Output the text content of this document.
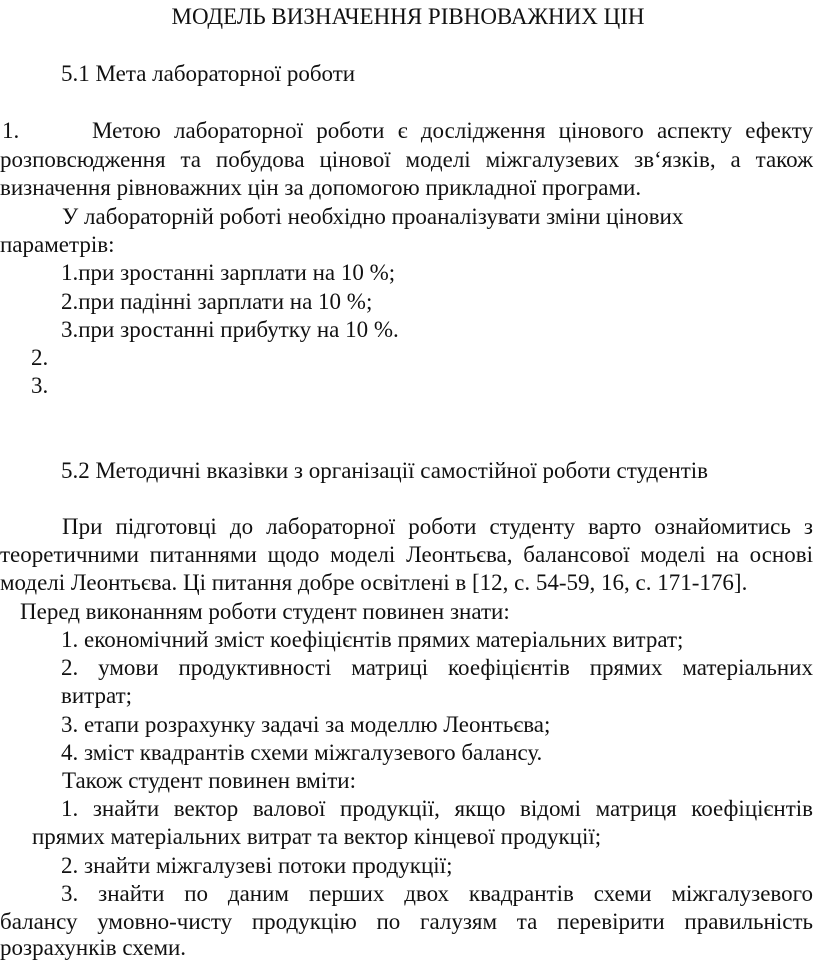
МОДЕЛЬ ВИЗНАЧЕННЯ РІВНОВАЖНИХ ЦІН
5.1 Мета лабораторної роботи
1.	Метою лабораторної роботи є дослідження цінового аспекту ефекту
розповсюдження та побудова цінової моделі міжгалузевих зв‘язків, а також
визначення рівноважних цін за допомогою прикладної програми.
У лабораторній роботі необхідно проаналізувати зміни цінових
параметрів:
1.при зростанні зарплати на 10 %;
2.при падінні зарплати на 10 %;
3.при зростанні прибутку на 10 %.
2.
3.
5.2 Методичні вказівки з організації самостійної роботи студентів
При підготовці до лабораторної роботи студенту варто ознайомитись з
теоретичними питаннями щодо моделі Леонтьєва, балансової моделі на основі
моделі Леонтьєва. Ці питання добре освітлені в [12, с. 54-59, 16, с. 171-176].
Перед виконанням роботи студент повинен знати:
1. економічний зміст коефіцієнтів прямих матеріальних витрат;
2. умови продуктивності матриці коефіцієнтів прямих матеріальних
витрат;
3. етапи розрахунку задачі за моделлю Леонтьєва;
4. зміст квадрантів схеми міжгалузевого балансу.
Також студент повинен вміти:
1. знайти вектор валової продукції, якщо відомі матриця коефіцієнтів
прямих матеріальних витрат та вектор кінцевої продукції;
2. знайти міжгалузеві потоки продукції;
3. знайти по даним перших двох квадрантів схеми міжгалузевого
балансу умовно-чисту продукцію по галузям та перевірити правильність
розрахунків схеми.
